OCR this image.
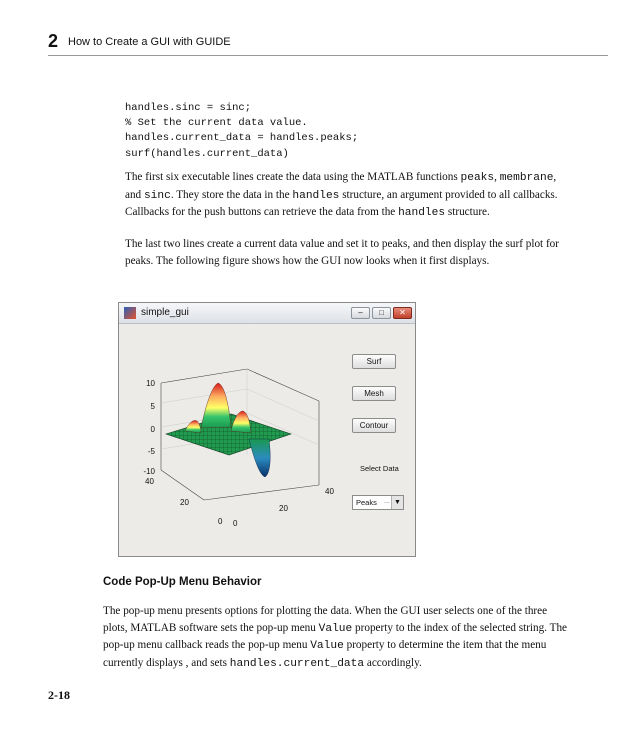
2 How to Create a GUI with GUIDE
handles.sinc = sinc;
% Set the current data value.
handles.current_data = handles.peaks;
surf(handles.current_data)

The first six executable lines create the data using the MATLAB functions peaks, membrane, and sinc. They store the data in the handles structure, an argument provided to all callbacks. Callbacks for the push buttons can retrieve the data from the handles structure.

The last two lines create a current data value and set it to peaks, and then display the surf plot for peaks. The following figure shows how the GUI now looks when it first displays.

simple_gui	–	□	✕
10
5
0
-5
-10
40
20
0 0
20
40
Surf
Mesh
Contour
Select Data
Peaks ... ▼
Code Pop-Up Menu Behavior

The pop-up menu presents options for plotting the data. When the GUI user selects one of the three plots, MATLAB software sets the pop-up menu Value property to the index of the selected string. The pop-up menu callback reads the pop-up menu Value property to determine the item that the menu currently displays , and sets handles.current_data accordingly.

2-18
